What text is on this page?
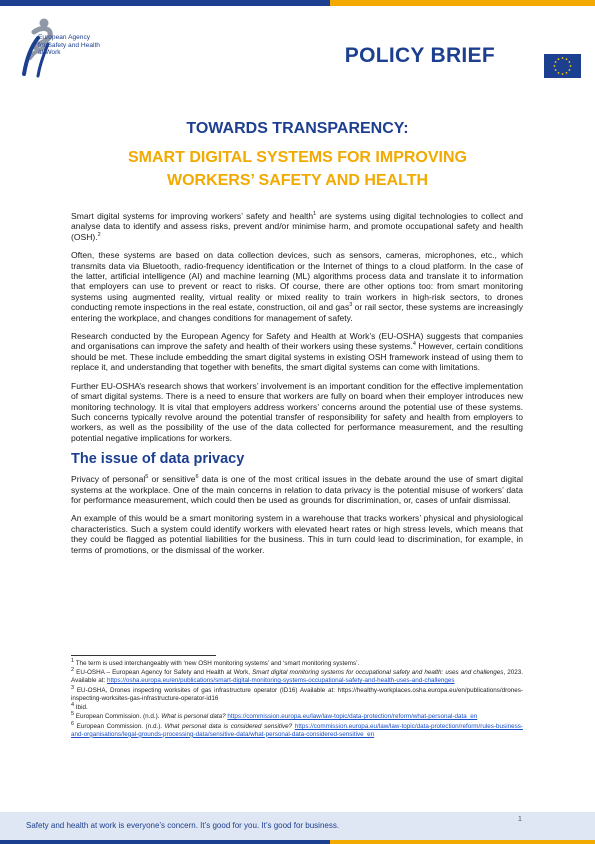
European Agency
for Safety and Health
at Work	POLICY BRIEF
TOWARDS TRANSPARENCY:
SMART DIGITAL SYSTEMS FOR IMPROVING
WORKERS’ SAFETY AND HEALTH

Smart digital systems for improving workers’ safety and health$^1$ are systems using digital technologies to collect and analyse data to identify and assess risks, prevent and/or minimise harm, and promote occupational safety and health (OSH).$^2$

Often, these systems are based on data collection devices, such as sensors, cameras, microphones, etc., which transmits data via Bluetooth, radio-frequency identification or the Internet of things to a cloud platform. In the case of the latter, artificial intelligence (AI) and machine learning (ML) algorithms process data and translate it to information that employers can use to prevent or react to risks. Of course, there are other options too: from smart monitoring systems using augmented reality, virtual reality or mixed reality to train workers in high-risk sectors, to drones conducting remote inspections in the real estate, construction, oil and gas$^3$ or rail sector, these systems are increasingly entering the workplace, and changes conditions for management of safety.

Research conducted by the European Agency for Safety and Health at Work’s (EU-OSHA) suggests that companies and organisations can improve the safety and health of their workers using these systems.$^4$ However, certain conditions should be met. These include embedding the smart digital systems in existing OSH framework instead of using them to replace it, and understanding that together with benefits, the smart digital systems can come with limitations.

Further EU-OSHA’s research shows that workers’ involvement is an important condition for the effective implementation of smart digital systems. There is a need to ensure that workers are fully on board when their employer introduces new monitoring technology. It is vital that employers address workers’ concerns around the potential use of these systems. Such concerns typically revolve around the potential transfer of responsibility for safety and health from employers to workers, as well as the possibility of the use of the data collected for performance measurement, and the resulting potential negative implications for workers.

The issue of data privacy

Privacy of personal$^5$ or sensitive$^6$ data is one of the most critical issues in the debate around the use of smart digital systems at the workplace. One of the main concerns in relation to data privacy is the potential misuse of workers’ data for performance measurement, which could then be used as grounds for discrimination, or, cases of unfair dismissal.

An example of this would be a smart monitoring system in a warehouse that tracks workers’ physical and physiological characteristics. Such a system could identify workers with elevated heart rates or high stress levels, which means that they could be flagged as potential liabilities for the business. This in turn could lead to discrimination, for example, in terms of promotions, or the dismissal of the worker.

$^1$ The term is used interchangeably with ‘new OSH monitoring systems’ and ‘smart monitoring systems’.

$^2$ EU-OSHA – European Agency for Safety and Health at Work, Smart digital monitoring systems for occupational safety and health: uses and challenges, 2023. Available at: https://osha.europa.eu/en/publications/smart-digital-monitoring-systems-occupational-safety-and-health-uses-and-challenges

$^3$ EU-OSHA, Drones inspecting worksites of gas infrastructure operator (ID16) Available at: https://healthy-workplaces.osha.europa.eu/en/publications/drones-inspecting-worksites-gas-infrastructure-operator-id16

$^4$ Ibid.

$^5$ European Commission. (n.d.). What is personal data? https://commission.europa.eu/law/law-topic/data-protection/reform/what-personal-data_en

$^6$ European Commission. (n.d.). What personal data is considered sensitive? https://commission.europa.eu/law/law-topic/data-protection/reform/rules-business-and-organisations/legal-grounds-processing-data/sensitive-data/what-personal-data-considered-sensitive_en

Safety and health at work is everyone’s concern. It’s good for you. It’s good for business.
1
